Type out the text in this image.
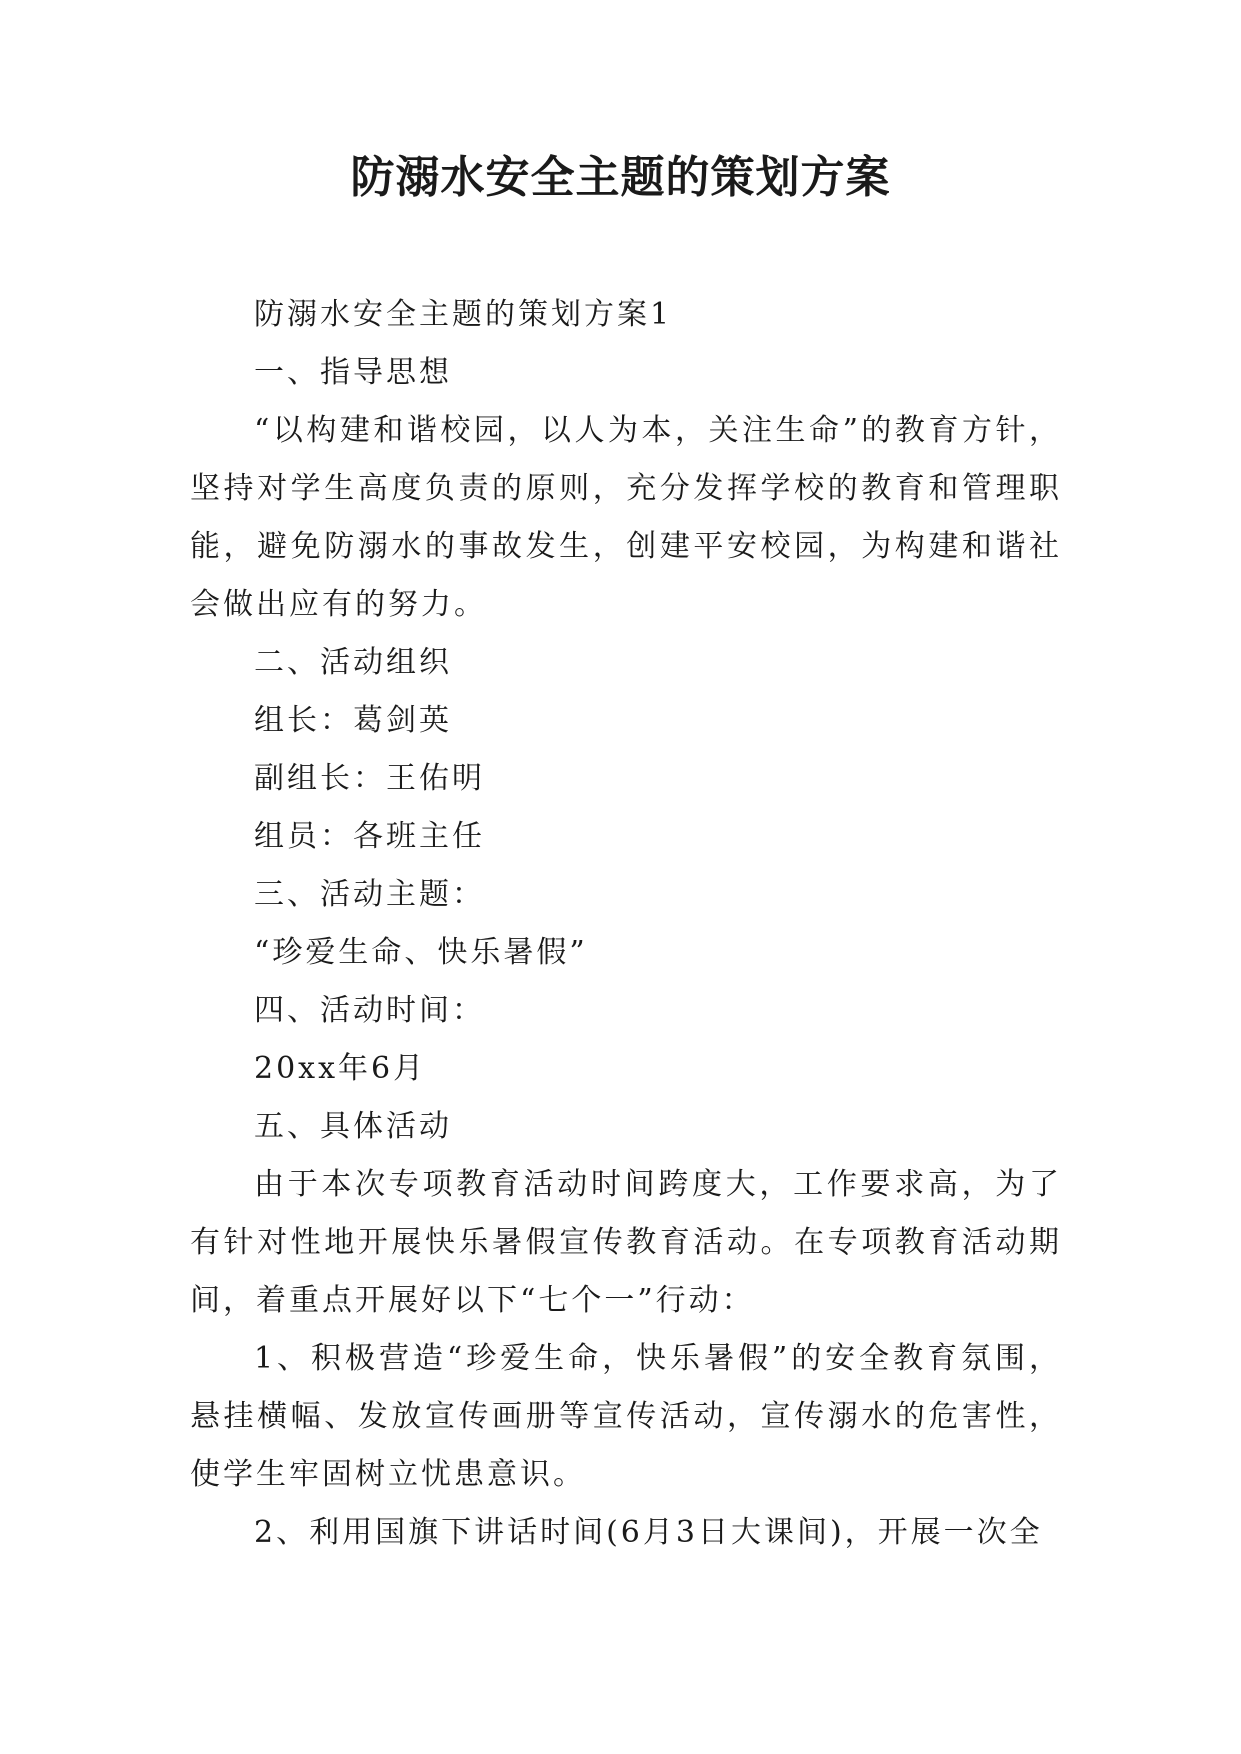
防溺水安全主题的策划方案

防溺水安全主题的策划方案1

一、指导思想

“以构建和谐校园，以人为本，关注生命”的教育方针，坚持对学生高度负责的原则，充分发挥学校的教育和管理职能，避免防溺水的事故发生，创建平安校园，为构建和谐社会做出应有的努力。

二、活动组织

组长：葛剑英

副组长：王佑明

组员：各班主任

三、活动主题：

“珍爱生命、快乐暑假”

四、活动时间：

20xx年6月

五、具体活动

由于本次专项教育活动时间跨度大，工作要求高，为了有针对性地开展快乐暑假宣传教育活动。在专项教育活动期间，着重点开展好以下“七个一”行动：

1、积极营造“珍爱生命，快乐暑假”的安全教育氛围，悬挂横幅、发放宣传画册等宣传活动，宣传溺水的危害性，使学生牢固树立忧患意识。

2、利用国旗下讲话时间(6月3日大课间)，开展一次全
